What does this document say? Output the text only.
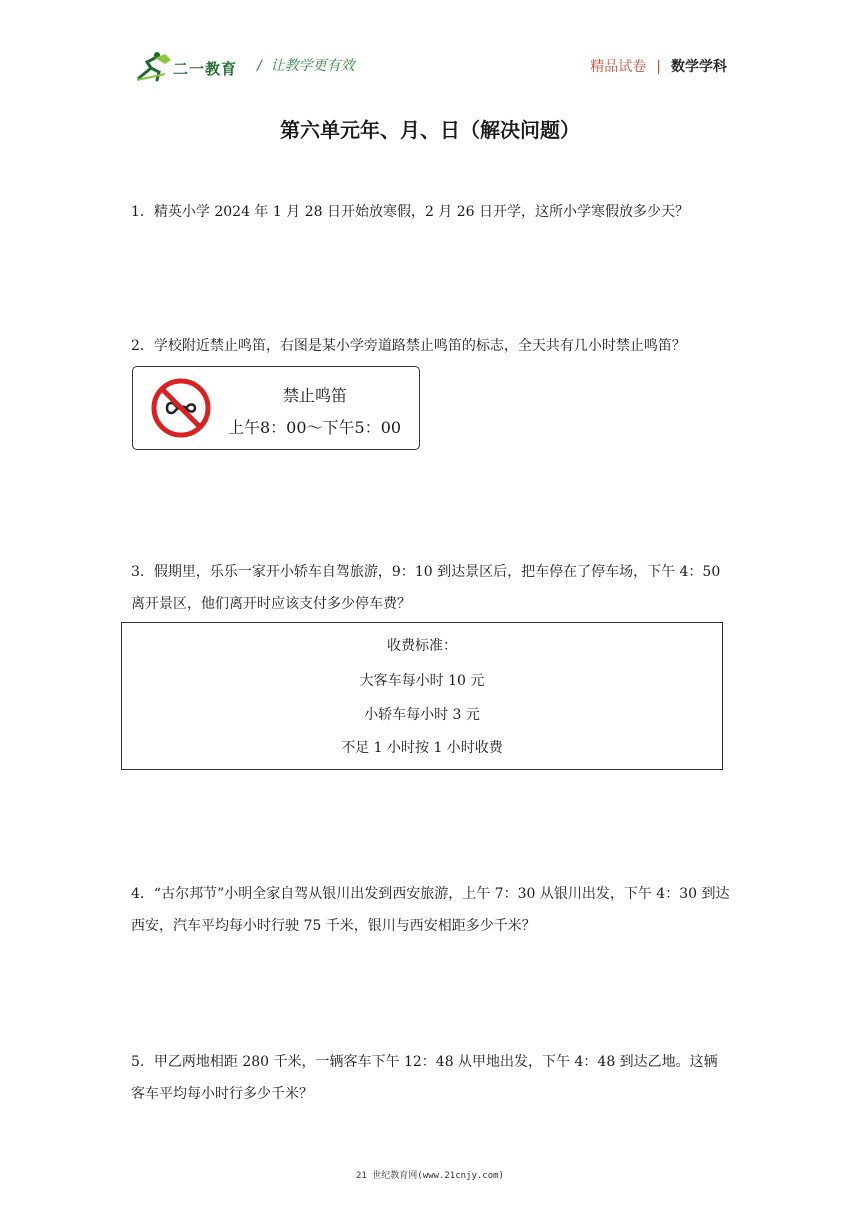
二一教育 /  让教学更有效	精品试卷 | 数学学科
第六单元年、月、日（解决问题）
1．精英小学 2024 年 1 月 28 日开始放寒假，2 月 26 日开学，这所小学寒假放多少天？
2．学校附近禁止鸣笛，右图是某小学旁道路禁止鸣笛的标志，全天共有几小时禁止鸣笛？
禁止鸣笛
上午8：00～下午5：00
3．假期里，乐乐一家开小轿车自驾旅游，9：10 到达景区后，把车停在了停车场，下午 4：50 离开景区，他们离开时应该支付多少停车费？
收费标准：
大客车每小时 10 元
小轿车每小时 3 元
不足 1 小时按 1 小时收费
4．“古尔邦节”小明全家自驾从银川出发到西安旅游，上午 7：30 从银川出发，下午 4：30 到达西安，汽车平均每小时行驶 75 千米，银川与西安相距多少千米？
5．甲乙两地相距 280 千米，一辆客车下午 12：48 从甲地出发，下午 4：48 到达乙地。这辆客车平均每小时行多少千米？
21 世纪教育网(www.21cnjy.com)
